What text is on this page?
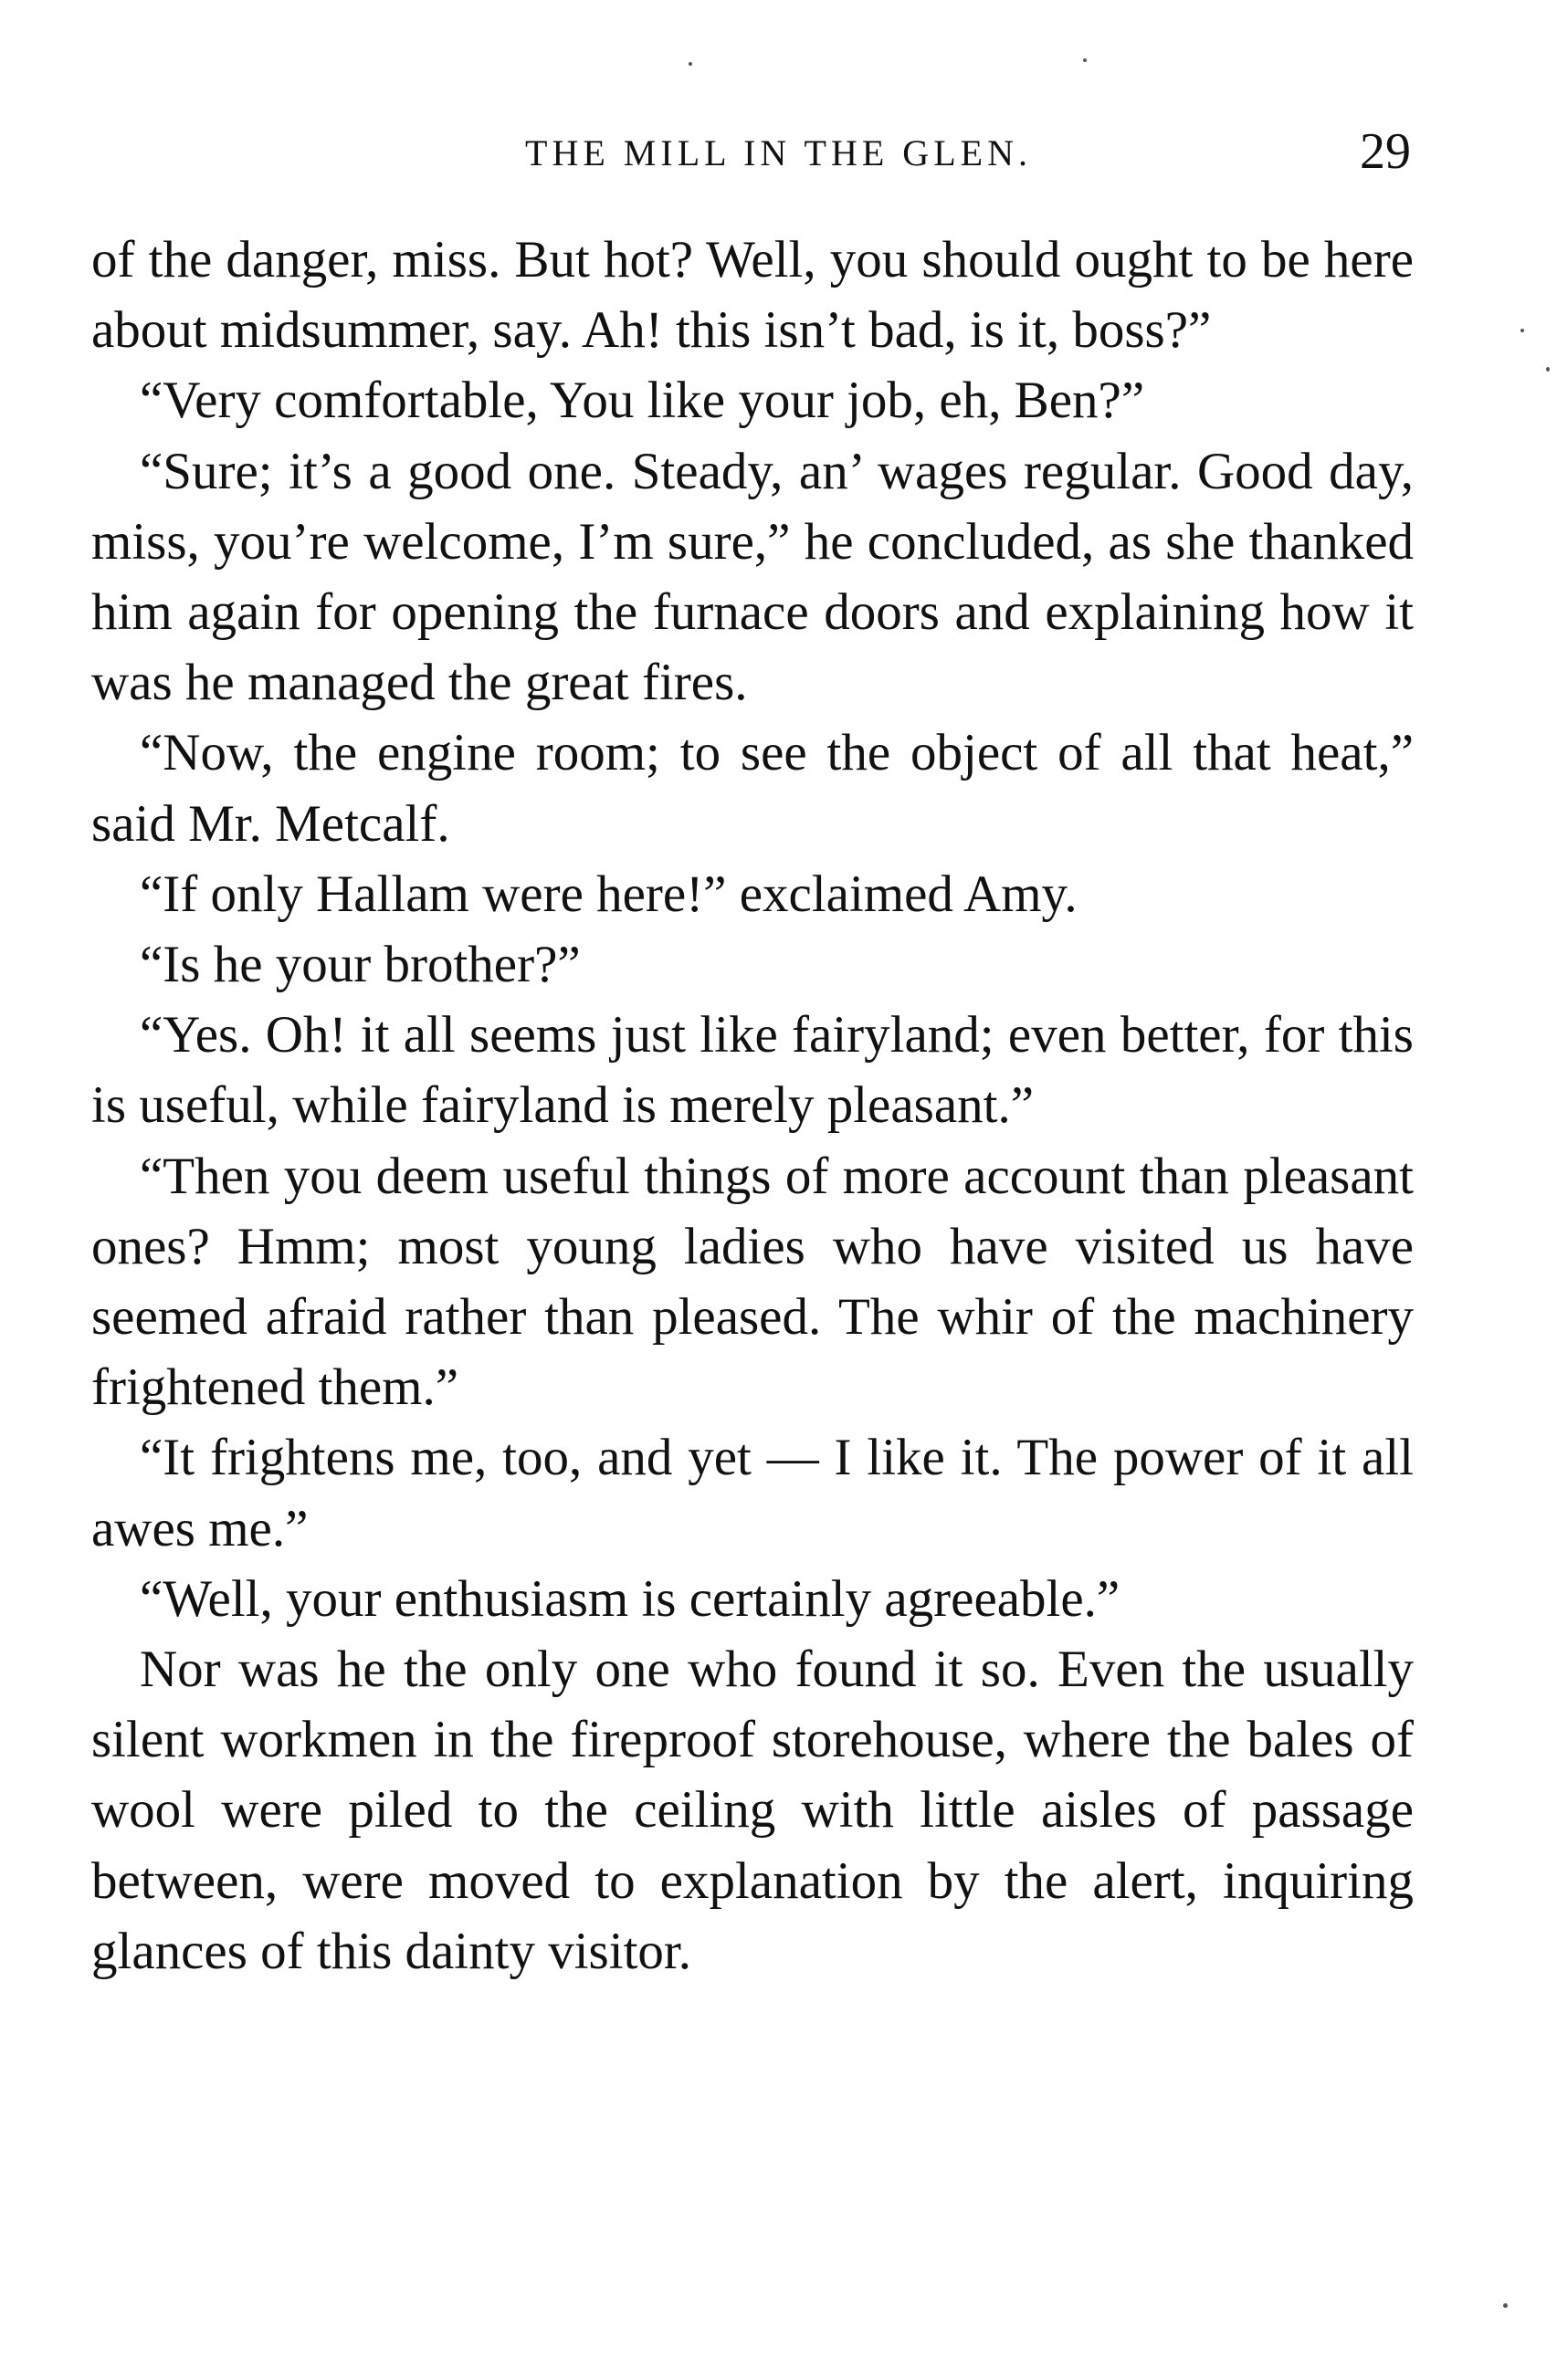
THE MILL IN THE GLEN.	29

of the danger, miss. But hot? Well, you should ought to be here about midsummer, say. Ah! this isn’t bad, is it, boss?”

“Very comfortable, You like your job, eh, Ben?”

“Sure; it’s a good one. Steady, an’ wages regular. Good day, miss, you’re welcome, I’m sure,” he concluded, as she thanked him again for opening the furnace doors and explaining how it was he managed the great fires.

“Now, the engine room; to see the object of all that heat,” said Mr. Metcalf.

“If only Hallam were here!” exclaimed Amy.

“Is he your brother?”

“Yes. Oh! it all seems just like fairyland; even better, for this is useful, while fairyland is merely pleasant.”

“Then you deem useful things of more account than pleasant ones? Hmm; most young ladies who have visited us have seemed afraid rather than pleased. The whir of the machinery frightened them.”

“It frightens me, too, and yet — I like it. The power of it all awes me.”

“Well, your enthusiasm is certainly agreeable.”

Nor was he the only one who found it so. Even the usually silent workmen in the fireproof storehouse, where the bales of wool were piled to the ceiling with little aisles of passage between, were moved to explanation by the alert, inquiring glances of this dainty visitor.
